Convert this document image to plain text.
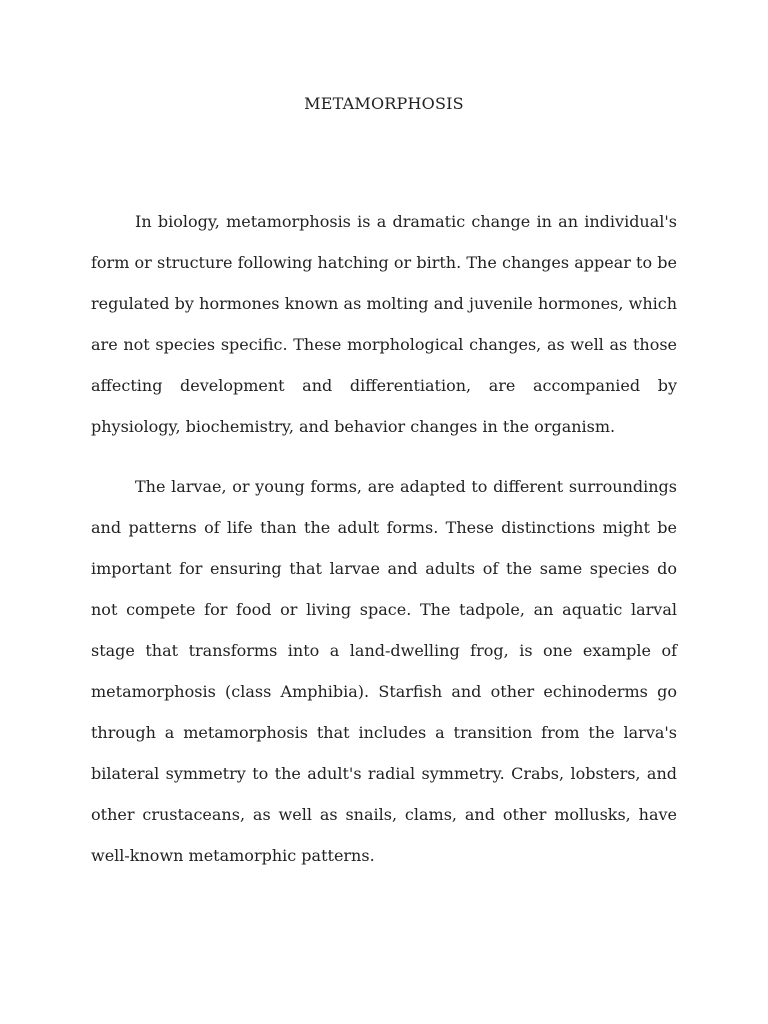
METAMORPHOSIS

In biology, metamorphosis is a dramatic change in an individual's form or structure following hatching or birth. The changes appear to be regulated by hormones known as molting and juvenile hormones, which are not species specific. These morphological changes, as well as those affecting development and differentiation, are accompanied by physiology, biochemistry, and behavior changes in the organism.

The larvae, or young forms, are adapted to different surroundings and patterns of life than the adult forms. These distinctions might be important for ensuring that larvae and adults of the same species do not compete for food or living space. The tadpole, an aquatic larval stage that transforms into a land-dwelling frog, is one example of metamorphosis (class Amphibia). Starfish and other echinoderms go through a metamorphosis that includes a transition from the larva's bilateral symmetry to the adult's radial symmetry. Crabs, lobsters, and other crustaceans, as well as snails, clams, and other mollusks, have well-known metamorphic patterns.
